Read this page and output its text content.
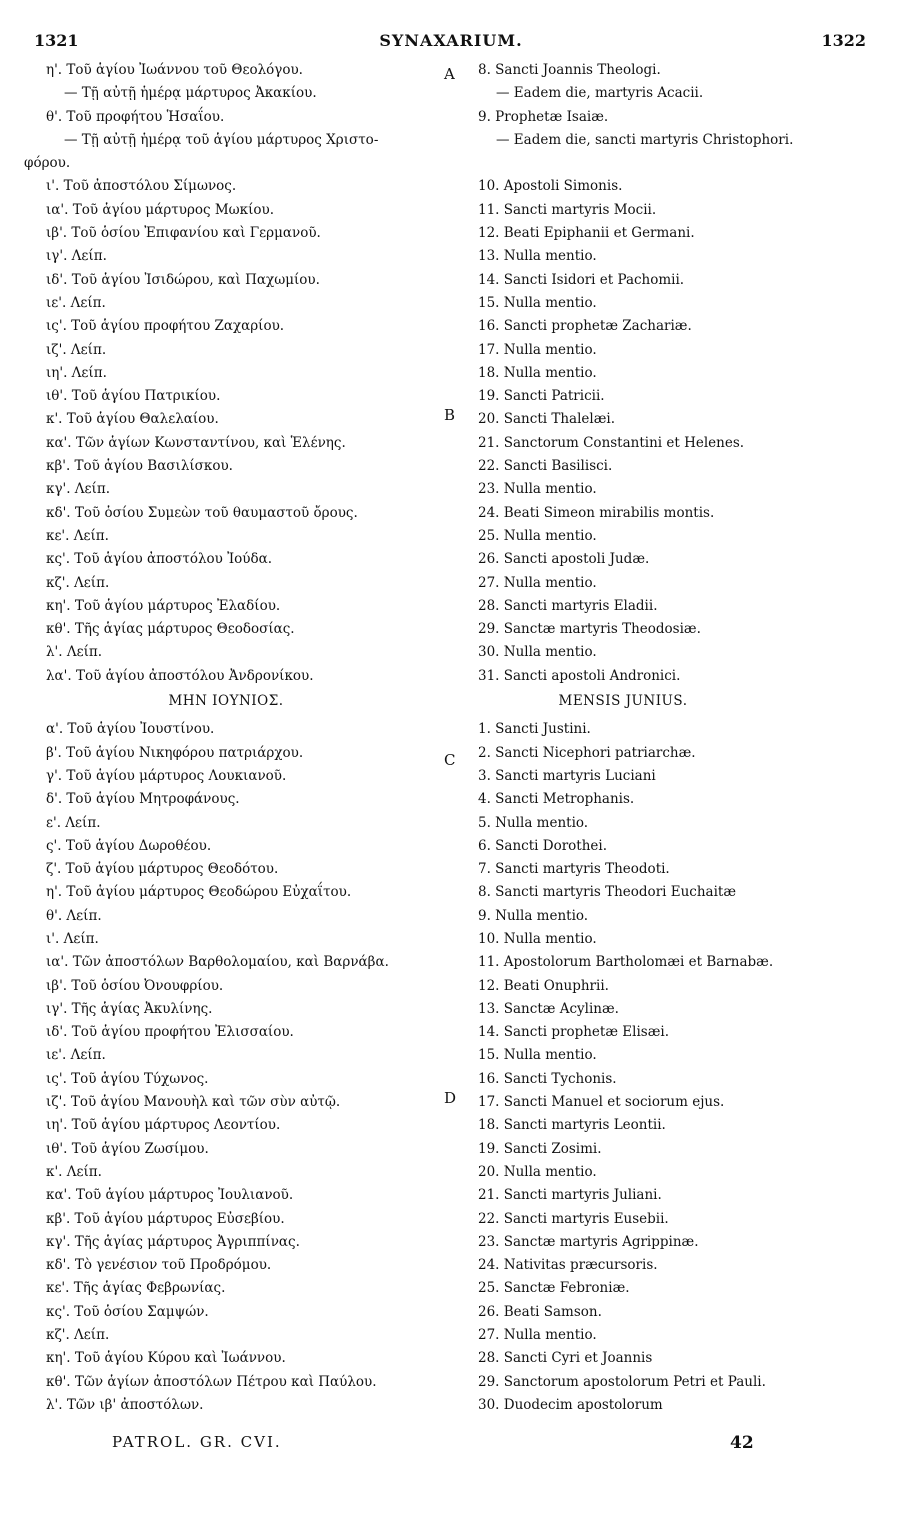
1321	SYNAXARIUM.	1322
η'. Τοῦ ἁγίου Ἰωάννου τοῦ Θεολόγου.
— Τῇ αὐτῇ ἡμέρᾳ μάρτυρος Ἀκακίου.
θ'. Τοῦ προφήτου Ἡσαΐου.
— Τῇ αὐτῇ ἡμέρᾳ τοῦ ἁγίου μάρτυρος Χριστο-
φόρου.
ι'. Τοῦ ἀποστόλου Σίμωνος.
ια'. Τοῦ ἁγίου μάρτυρος Μωκίου.
ιβ'. Τοῦ ὁσίου Ἐπιφανίου καὶ Γερμανοῦ.
ιγ'. Λείπ.
ιδ'. Τοῦ ἁγίου Ἰσιδώρου, καὶ Παχωμίου.
ιε'. Λείπ.
ις'. Τοῦ ἁγίου προφήτου Ζαχαρίου.
ιζ'. Λείπ.
ιη'. Λείπ.
ιθ'. Τοῦ ἁγίου Πατρικίου.
κ'. Τοῦ ἁγίου Θαλελαίου.
κα'. Τῶν ἁγίων Κωνσταντίνου, καὶ Ἑλένης.
κβ'. Τοῦ ἁγίου Βασιλίσκου.
κγ'. Λείπ.
κδ'. Τοῦ ὁσίου Συμεὼν τοῦ θαυμαστοῦ ὄρους.
κε'. Λείπ.
κς'. Τοῦ ἁγίου ἀποστόλου Ἰούδα.
κζ'. Λείπ.
κη'. Τοῦ ἁγίου μάρτυρος Ἐλαδίου.
κθ'. Τῆς ἁγίας μάρτυρος Θεοδοσίας.
λ'. Λείπ.
λα'. Τοῦ ἁγίου ἀποστόλου Ἀνδρονίκου.
ΜΗΝ ΙΟΥΝΙΟΣ.
α'. Τοῦ ἁγίου Ἰουστίνου.
β'. Τοῦ ἁγίου Νικηφόρου πατριάρχου.
γ'. Τοῦ ἁγίου μάρτυρος Λουκιανοῦ.
δ'. Τοῦ ἁγίου Μητροφάνους.
ε'. Λείπ.
ς'. Τοῦ ἁγίου Δωροθέου.
ζ'. Τοῦ ἁγίου μάρτυρος Θεοδότου.
η'. Τοῦ ἁγίου μάρτυρος Θεοδώρου Εὐχαΐτου.
θ'. Λείπ.
ι'. Λείπ.
ια'. Τῶν ἀποστόλων Βαρθολομαίου, καὶ Βαρνάβα.
ιβ'. Τοῦ ὁσίου Ὀνουφρίου.
ιγ'. Τῆς ἁγίας Ἀκυλίνης.
ιδ'. Τοῦ ἁγίου προφήτου Ἐλισσαίου.
ιε'. Λείπ.
ις'. Τοῦ ἁγίου Τύχωνος.
ιζ'. Τοῦ ἁγίου Μανουὴλ καὶ τῶν σὺν αὐτῷ.
ιη'. Τοῦ ἁγίου μάρτυρος Λεοντίου.
ιθ'. Τοῦ ἁγίου Ζωσίμου.
κ'. Λείπ.
κα'. Τοῦ ἁγίου μάρτυρος Ἰουλιανοῦ.
κβ'. Τοῦ ἁγίου μάρτυρος Εὐσεβίου.
κγ'. Τῆς ἁγίας μάρτυρος Ἀγριππίνας.
κδ'. Τὸ γενέσιον τοῦ Προδρόμου.
κε'. Τῆς ἁγίας Φεβρωνίας.
κς'. Τοῦ ὁσίου Σαμψών.
κζ'. Λείπ.
κη'. Τοῦ ἁγίου Κύρου καὶ Ἰωάννου.
κθ'. Τῶν ἁγίων ἀποστόλων Πέτρου καὶ Παύλου.
λ'. Τῶν ιβ' ἀποστόλων.
A
B
C
D
8. Sancti Joannis Theologi.
— Eadem die, martyris Acacii.
9. Prophetæ Isaiæ.
— Eadem die, sancti martyris Christophori.

10. Apostoli Simonis.
11. Sancti martyris Mocii.
12. Beati Epiphanii et Germani.
13. Nulla mentio.
14. Sancti Isidori et Pachomii.
15. Nulla mentio.
16. Sancti prophetæ Zachariæ.
17. Nulla mentio.
18. Nulla mentio.
19. Sancti Patricii.
20. Sancti Thalelæi.
21. Sanctorum Constantini et Helenes.
22. Sancti Basilisci.
23. Nulla mentio.
24. Beati Simeon mirabilis montis.
25. Nulla mentio.
26. Sancti apostoli Judæ.
27. Nulla mentio.
28. Sancti martyris Eladii.
29. Sanctæ martyris Theodosiæ.
30. Nulla mentio.
31. Sancti apostoli Andronici.
MENSIS JUNIUS.
1. Sancti Justini.
2. Sancti Nicephori patriarchæ.
3. Sancti martyris Luciani
4. Sancti Metrophanis.
5. Nulla mentio.
6. Sancti Dorothei.
7. Sancti martyris Theodoti.
8. Sancti martyris Theodori Euchaitæ
9. Nulla mentio.
10. Nulla mentio.
11. Apostolorum Bartholomæi et Barnabæ.
12. Beati Onuphrii.
13. Sanctæ Acylinæ.
14. Sancti prophetæ Elisæi.
15. Nulla mentio.
16. Sancti Tychonis.
17. Sancti Manuel et sociorum ejus.
18. Sancti martyris Leontii.
19. Sancti Zosimi.
20. Nulla mentio.
21. Sancti martyris Juliani.
22. Sancti martyris Eusebii.
23. Sanctæ martyris Agrippinæ.
24. Nativitas præcursoris.
25. Sanctæ Febroniæ.
26. Beati Samson.
27. Nulla mentio.
28. Sancti Cyri et Joannis
29. Sanctorum apostolorum Petri et Pauli.
30. Duodecim apostolorum
PATROL. GR. CVI.	42
